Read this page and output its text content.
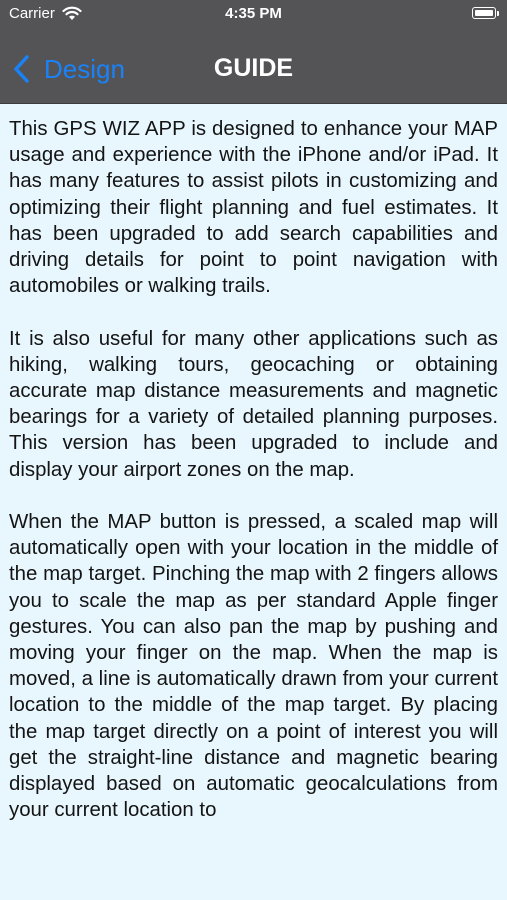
Carrier	4:35 PM
Design	GUIDE

This GPS WIZ APP is designed to enhance your MAP usage and experience with the iPhone and/or iPad. It has many features to assist pilots in customizing and optimizing their flight planning and fuel estimates. It has been upgraded to add search capabilities and driving details for point to point navigation with automobiles or walking trails.

It is also useful for many other applications such as hiking, walking tours, geocaching or obtaining accurate map distance measurements and magnetic bearings for a variety of detailed planning purposes. This version has been upgraded to include and display your airport zones on the map.

When the MAP button is pressed, a scaled map will automatically open with your location in the middle of the map target. Pinching the map with 2 fingers allows you to scale the map as per standard Apple finger gestures. You can also pan the map by pushing and moving your finger on the map. When the map is moved, a line is automatically drawn from your current location to the middle of the map target. By placing the map target directly on a point of interest you will get the straight-line distance and magnetic bearing displayed based on automatic geocalculations from your current location to
